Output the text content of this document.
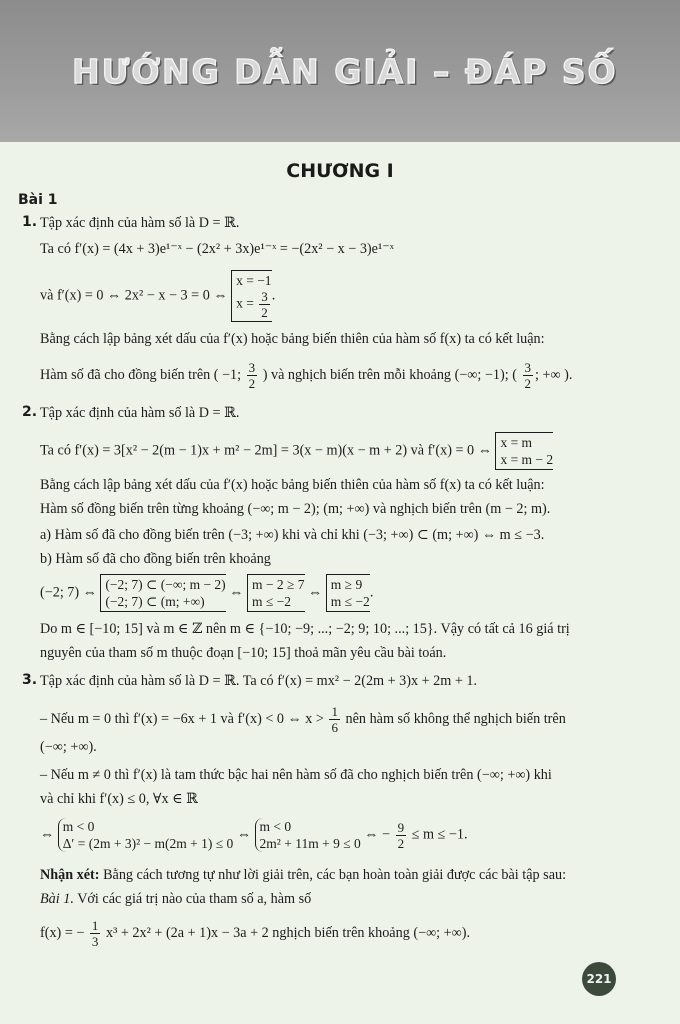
HƯỚNG DẪN GIẢI – ĐÁP SỐ
CHƯƠNG I
Bài 1
1. Tập xác định của hàm số là D = ℝ.
Ta có f′(x) = (4x + 3)e¹⁻ˣ − (2x² + 3x)e¹⁻ˣ = −(2x² − x − 3)e¹⁻ˣ
và f′(x) = 0 ⇔ 2x² − x − 3 = 0 ⇔ x = −1
$x = \frac{3}{2}$ .
Bằng cách lập bảng xét dấu của f′(x) hoặc bảng biến thiên của hàm số f(x) ta có kết luận:
Hàm số đã cho đồng biến trên ( −1; $\frac{3}{2}$ ) và nghịch biến trên mỗi khoảng (−∞; −1); ( $\frac{3}{2}$ ; +∞ ).
2. Tập xác định của hàm số là D = ℝ.
Ta có f′(x) = 3[x² − 2(m − 1)x + m² − 2m] = 3(x − m)(x − m + 2) và f′(x) = 0 ⇔ x = m
x = m − 2
Bằng cách lập bảng xét dấu của f′(x) hoặc bảng biến thiên của hàm số f(x) ta có kết luận:
Hàm số đồng biến trên từng khoảng (−∞; m − 2); (m; +∞) và nghịch biến trên (m − 2; m).
a) Hàm số đã cho đồng biến trên (−3; +∞) khi và chỉ khi (−3; +∞) ⊂ (m; +∞) ⇔ m ≤ −3.
b) Hàm số đã cho đồng biến trên khoảng
(−2; 7) ⇔ (−2; 7) ⊂ (−∞; m − 2)
(−2; 7) ⊂ (m; +∞) ⇔ m − 2 ≥ 7
m ≤ −2 ⇔ m ≥ 9
m ≤ −2.
Do m ∈ [−10; 15] và m ∈ ℤ nên m ∈ {−10; −9; ...; −2; 9; 10; ...; 15}. Vậy có tất cả 16 giá trị
nguyên của tham số m thuộc đoạn [−10; 15] thoả mãn yêu cầu bài toán.
3. Tập xác định của hàm số là D = ℝ. Ta có f′(x) = mx² − 2(2m + 3)x + 2m + 1.
– Nếu m = 0 thì f′(x) = −6x + 1 và f′(x) < 0 ⇔ $x > \frac{1}{6}$ nên hàm số không thể nghịch biến trên
(−∞; +∞).
– Nếu m ≠ 0 thì f′(x) là tam thức bậc hai nên hàm số đã cho nghịch biến trên (−∞; +∞) khi
và chỉ khi f′(x) ≤ 0, ∀x ∈ ℝ
⇔ m < 0
Δ′ = (2m + 3)² − m(2m + 1) ≤ 0 ⇔ m < 0
2m² + 11m + 9 ≤ 0 ⇔ − $\frac{9}{2} \le m \le -1$.
Nhận xét: Bằng cách tương tự như lời giải trên, các bạn hoàn toàn giải được các bài tập sau:
Bài 1. Với các giá trị nào của tham số a, hàm số
f(x) = − $\frac{1}{3} x^3 + 2x^2 + (2a + 1)x - 3a + 2$ nghịch biến trên khoảng (−∞; +∞).
221
